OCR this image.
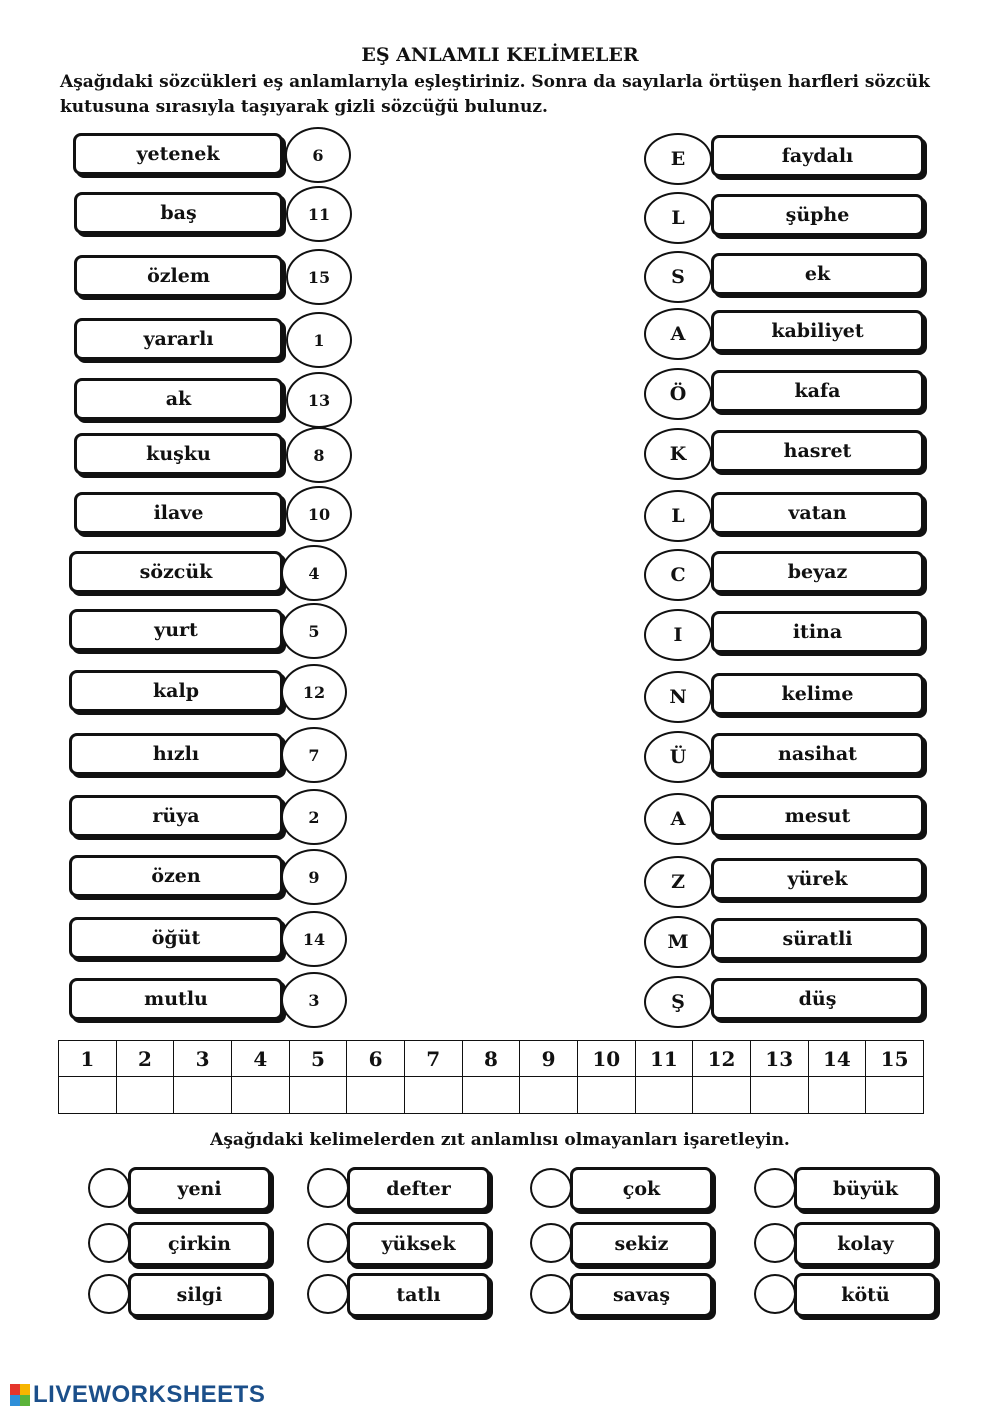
EŞ ANLAMLI KELİMELER
Aşağıdaki sözcükleri eş anlamlarıyla eşleştiriniz. Sonra da sayılarla örtüşen harfleri sözcük kutusuna sırasıyla taşıyarak gizli sözcüğü bulunuz.
yetenek	6
baş	11
özlem	15
yararlı	1
ak	13
kuşku	8
ilave	10
sözcük	4
yurt	5
kalp	12
hızlı	7
rüya	2
özen	9
öğüt	14
mutlu	3
E	faydalı
L	şüphe
S	ek
A	kabiliyet
Ö	kafa
K	hasret
L	vatan
C	beyaz
I	itina
N	kelime
Ü	nasihat
A	mesut
Z	yürek
M	süratli
Ş	düş
1	2	3	4	5	6	7	8	9	10	11	12	13	14	15

Aşağıdaki kelimelerden zıt anlamlısı olmayanları işaretleyin.
yeni	defter	çok	büyük
çirkin	yüksek	sekiz	kolay
silgi	tatlı	savaş	kötü
LIVEWORKSHEETS
